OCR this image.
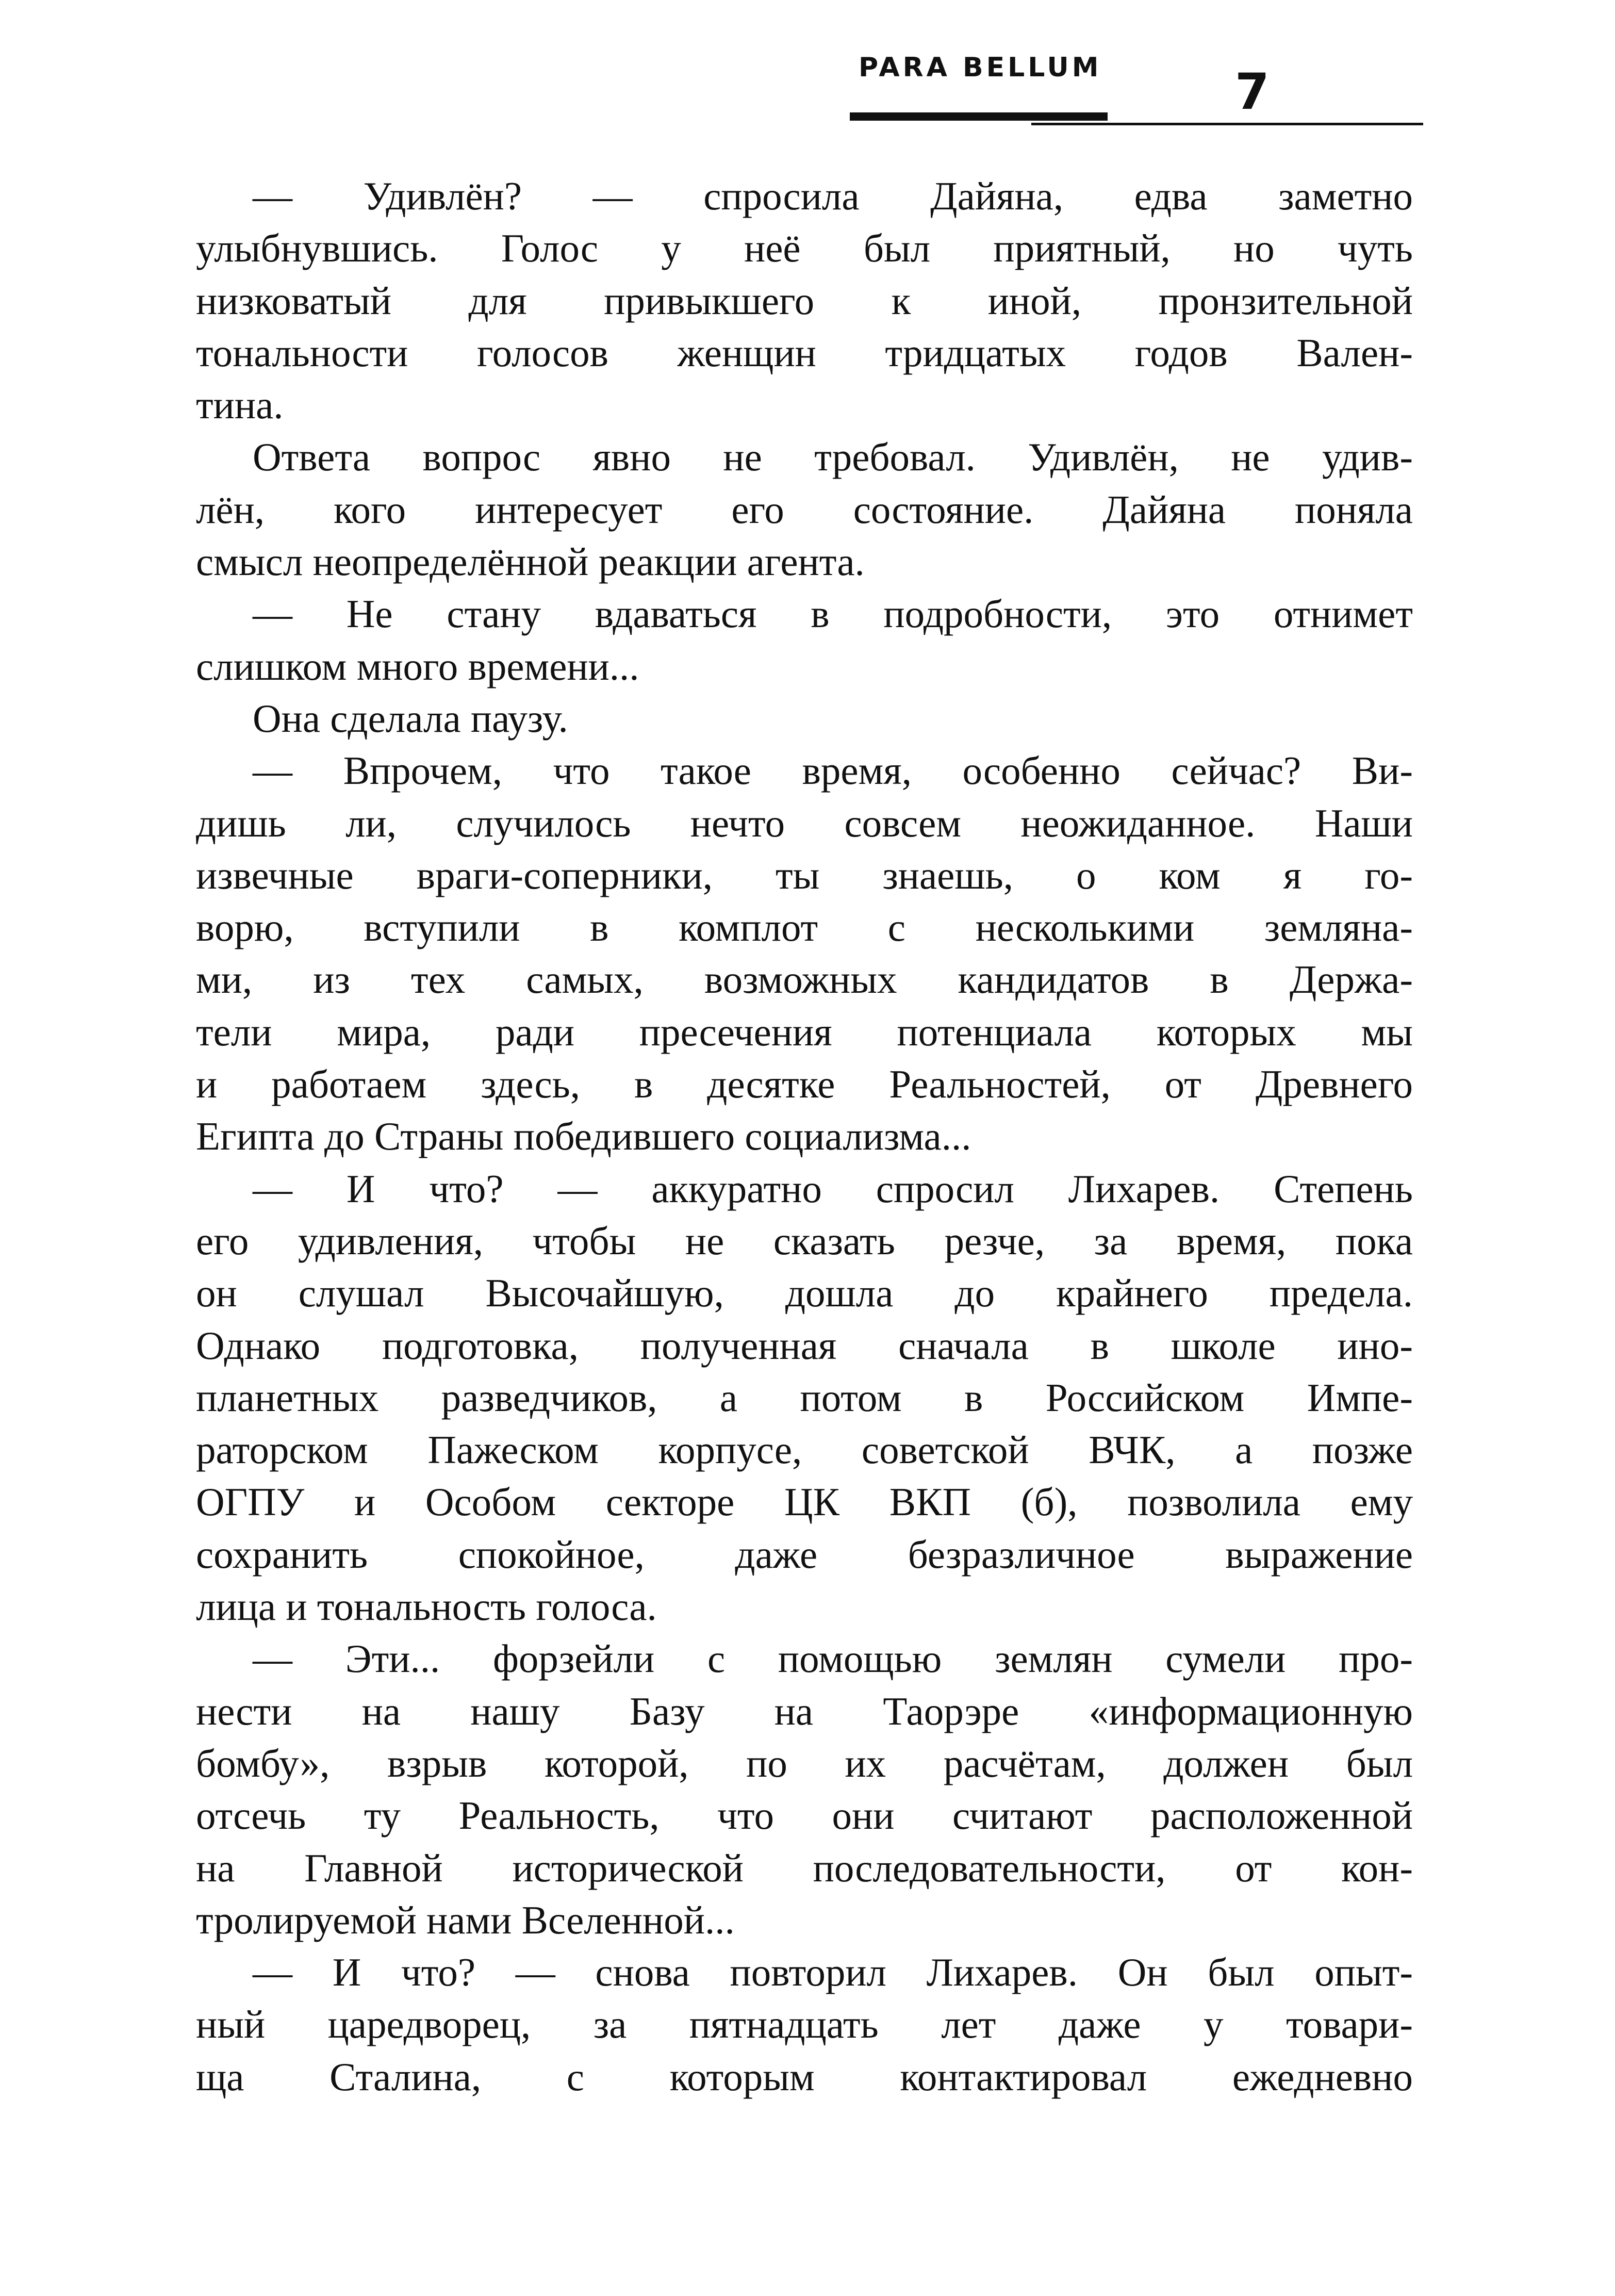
PARA BELLUM	7
— Удивлён? — спросила Дайяна, едва заметно
улыбнувшись. Голос у неё был приятный, но чуть
низковатый для привыкшего к иной, пронзительной
тональности голосов женщин тридцатых годов Вален-
тина.
Ответа вопрос явно не требовал. Удивлён, не удив-
лён, кого интересует его состояние. Дайяна поняла
смысл неопределённой реакции агента.
— Не стану вдаваться в подробности, это отнимет
слишком много времени...
Она сделала паузу.
— Впрочем, что такое время, особенно сейчас? Ви-
дишь ли, случилось нечто совсем неожиданное. Наши
извечные враги-соперники, ты знаешь, о ком я го-
ворю, вступили в комплот с несколькими землянa-
ми, из тех самых, возможных кандидатов в Держа-
тели мира, ради пресечения потенциала которых мы
и работаем здесь, в десятке Реальностей, от Древнего
Египта до Страны победившего социализма...
— И что? — аккуратно спросил Лихарев. Степень
его удивления, чтобы не сказать резче, за время, пока
он слушал Высочайшую, дошла до крайнего предела.
Однако подготовка, полученная сначала в школе ино-
планетных разведчиков, а потом в Российском Импе-
раторском Пажеском корпусе, советской ВЧК, а позже
ОГПУ и Особом секторе ЦК ВКП (б), позволила ему
сохранить спокойное, даже безразличное выражение
лица и тональность голоса.
— Эти... форзейли с помощью землян сумели про-
нести на нашу Базу на Таорэре «информационную
бомбу», взрыв которой, по их расчётам, должен был
отсечь ту Реальность, что они считают расположенной
на Главной исторической последовательности, от кон-
тролируемой нами Вселенной...
— И что? — снова повторил Лихарев. Он был опыт-
ный царедворец, за пятнадцать лет даже у товари-
ща Сталина, с которым контактировал ежедневно
